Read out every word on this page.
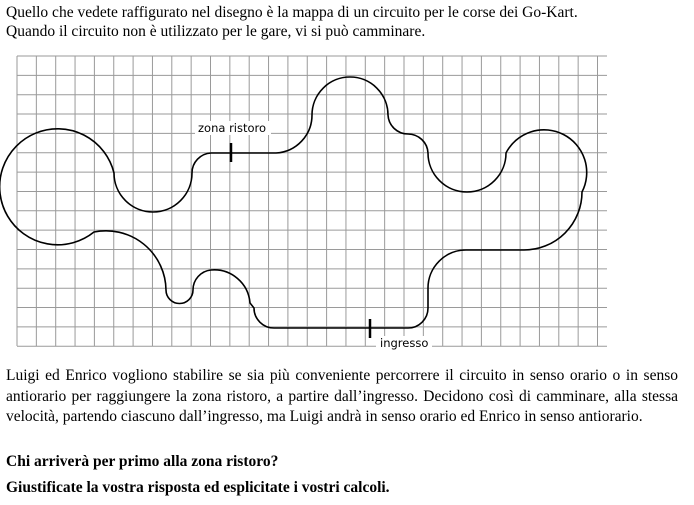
Quello che vedete raffigurato nel disegno è la mappa di un circuito per le corse dei Go-Kart.

Quando il circuito non è utilizzato per le gare, vi si può camminare.

zona ristoro
ingresso

Luigi ed Enrico vogliono stabilire se sia più conveniente percorrere il circuito in senso orario o in senso antiorario per raggiungere la zona ristoro, a partire dall’ingresso. Decidono così di camminare, alla stessa velocità, partendo ciascuno dall’ingresso, ma Luigi andrà in senso orario ed Enrico in senso antiorario.

Chi arriverà per primo alla zona ristoro?

Giustificate la vostra risposta ed esplicitate i vostri calcoli.
